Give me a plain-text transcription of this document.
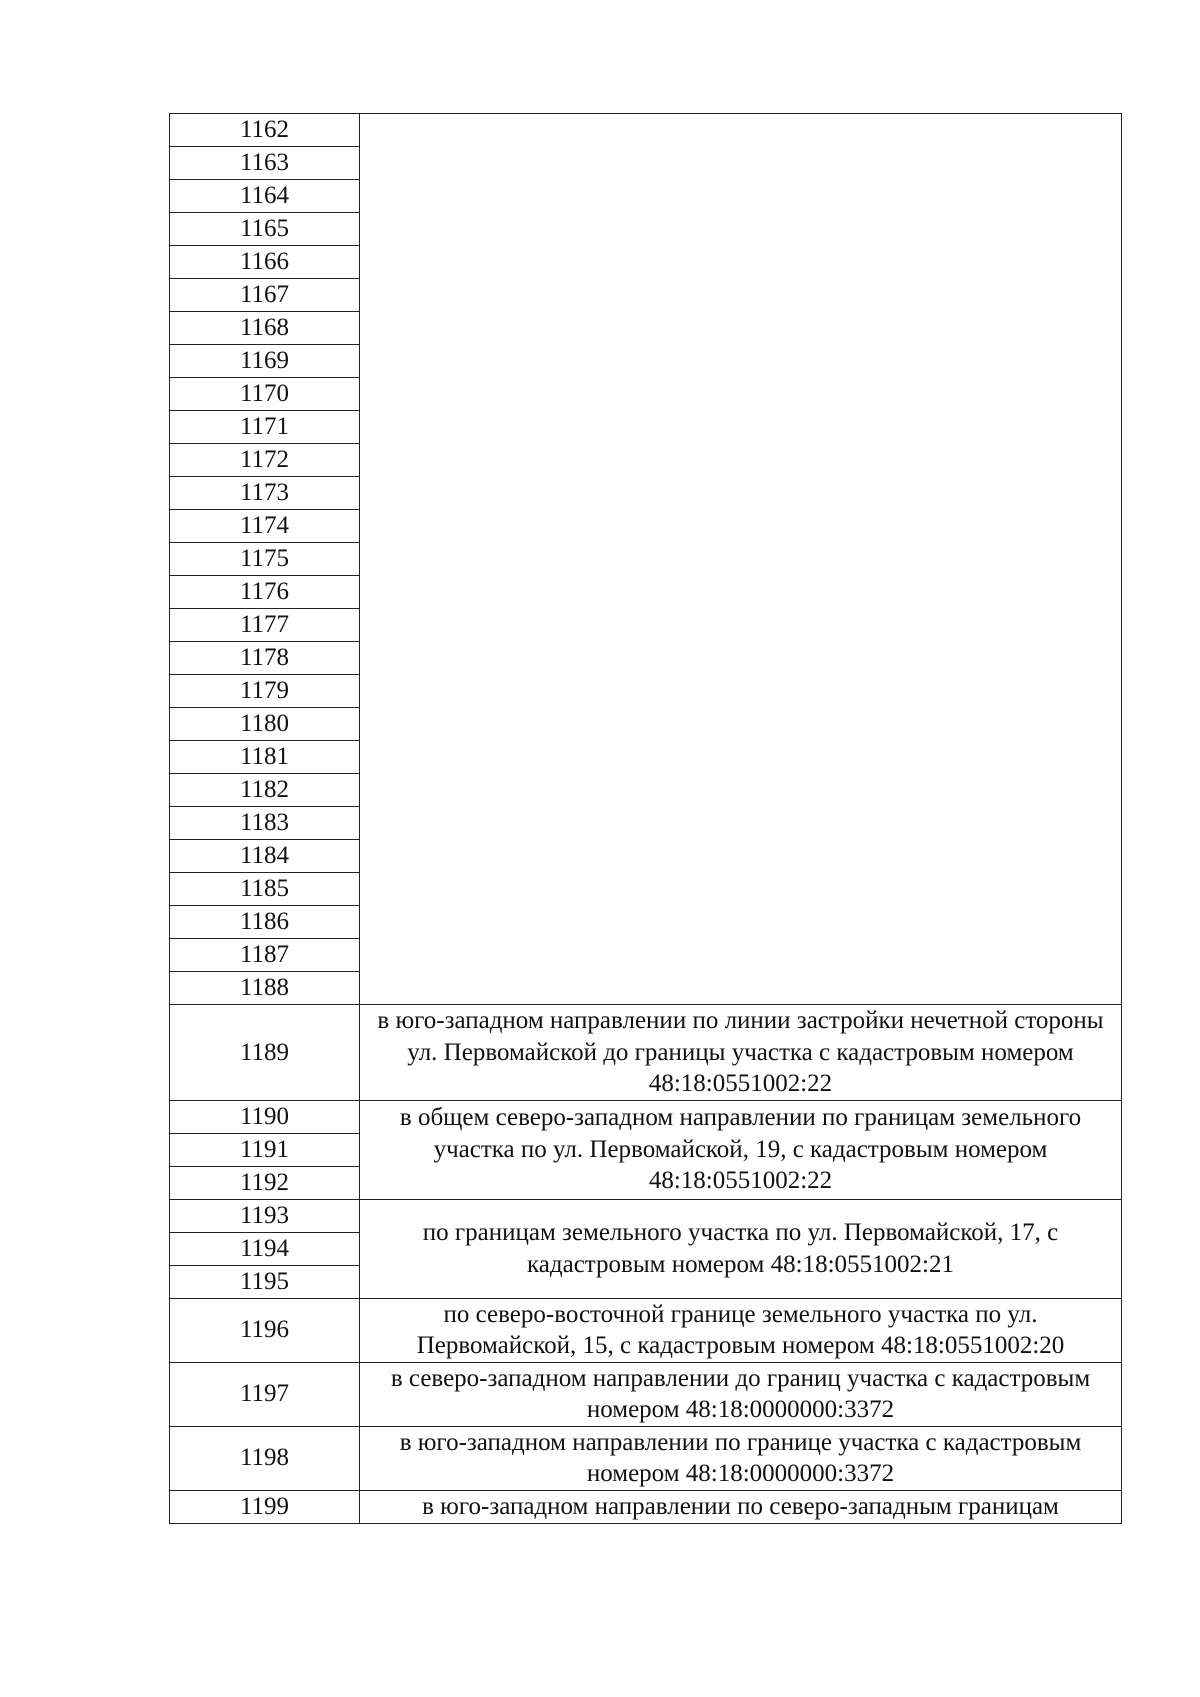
1162	
1163	
1164	
1165	
1166	
1167	
1168	
1169	
1170	
1171	
1172	
1173	
1174	
1175	
1176	
1177	
1178	
1179	
1180	
1181	
1182	
1183	
1184	
1185	
1186	
1187	
1188	
1189	в юго-западном направлении по линии застройки нечетной стороны ул. Первомайской до границы участка с кадастровым номером 48:18:0551002:22
1190	в общем северо-западном направлении по границам земельного участка по ул. Первомайской, 19, с кадастровым номером 48:18:0551002:22
1191	
1192	
1193	по границам земельного участка по ул. Первомайской, 17, с кадастровым номером 48:18:0551002:21
1194	
1195	
1196	по северо-восточной границе земельного участка по ул. Первомайской, 15, с кадастровым номером 48:18:0551002:20
1197	в северо-западном направлении до границ участка с кадастровым номером 48:18:0000000:3372
1198	в юго-западном направлении по границе участка с кадастровым номером 48:18:0000000:3372
1199	в юго-западном направлении по северо-западным границам
